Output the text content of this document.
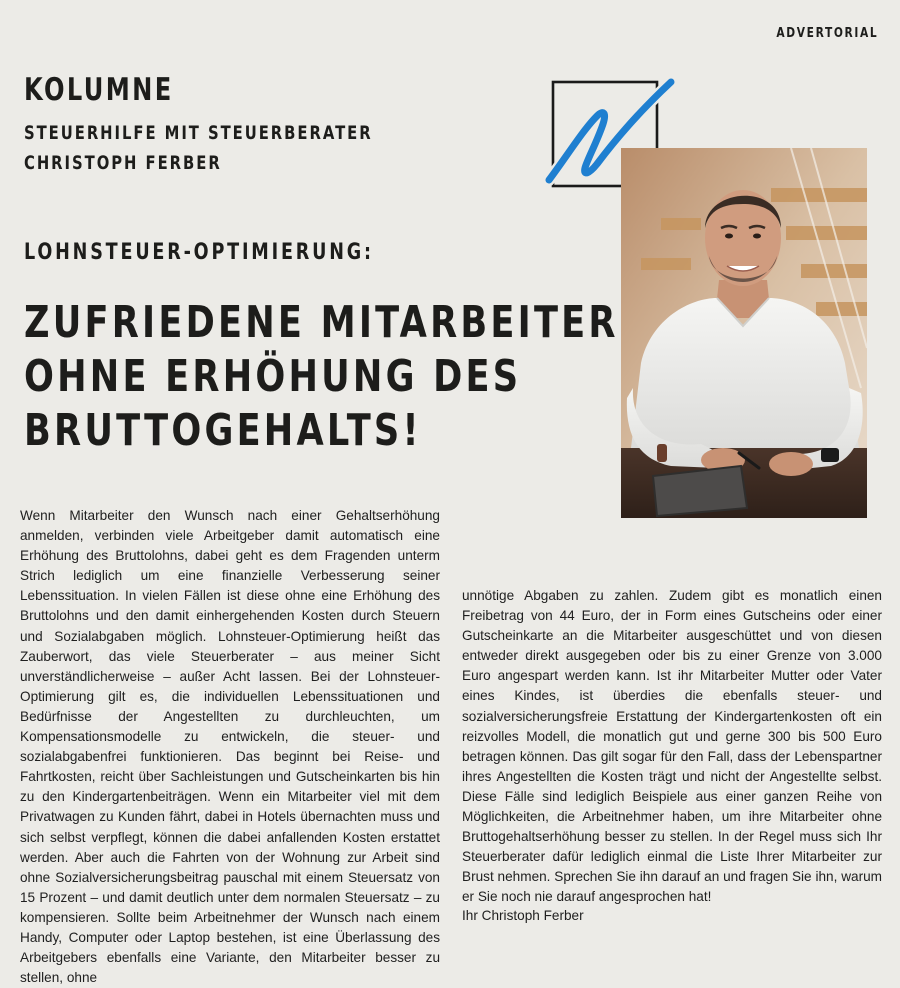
ADVERTORIAL
KOLUMNE
STEUERHILFE MIT STEUERBERATER
CHRISTOPH FERBER
LOHNSTEUER-OPTIMIERUNG:
ZUFRIEDENE MITARBEITER
OHNE ERHÖHUNG DES
BRUTTOGEHALTS!
Wenn Mitarbeiter den Wunsch nach einer Gehaltserhöhung anmelden, verbinden viele Arbeitgeber damit automatisch eine Erhöhung des Bruttolohns, dabei geht es dem Fragenden unterm Strich lediglich um eine finanzielle Verbesserung seiner Lebenssituation. In vielen Fällen ist diese ohne eine Erhöhung des Bruttolohns und den damit einhergehenden Kosten durch Steuern und Sozialabgaben möglich. Lohnsteuer-Optimierung heißt das Zauberwort, das viele Steuerberater – aus meiner Sicht unverständlicherweise – außer Acht lassen. Bei der Lohnsteuer-Optimierung gilt es, die individuellen Lebenssituationen und Bedürfnisse der Angestellten zu durchleuchten, um Kompensationsmodelle zu entwickeln, die steuer- und sozialabgabenfrei funktionieren. Das beginnt bei Reise- und Fahrtkosten, reicht über Sachleistungen und Gutscheinkarten bis hin zu den Kindergartenbeiträgen. Wenn ein Mitarbeiter viel mit dem Privatwagen zu Kunden fährt, dabei in Hotels übernachten muss und sich selbst verpflegt, können die dabei anfallenden Kosten erstattet werden. Aber auch die Fahrten von der Wohnung zur Arbeit sind ohne Sozialversicherungsbeitrag pauschal mit einem Steuersatz von 15 Prozent – und damit deutlich unter dem normalen Steuersatz – zu kompensieren. Sollte beim Arbeitnehmer der Wunsch nach einem Handy, Computer oder Laptop bestehen, ist eine Überlassung des Arbeitgebers ebenfalls eine Variante, den Mitarbeiter besser zu stellen, ohne
unnötige Abgaben zu zahlen. Zudem gibt es monatlich einen Freibetrag von 44 Euro, der in Form eines Gutscheins oder einer Gutscheinkarte an die Mitarbeiter ausgeschüttet und von diesen entweder direkt ausgegeben oder bis zu einer Grenze von 3.000 Euro angespart werden kann. Ist ihr Mitarbeiter Mutter oder Vater eines Kindes, ist überdies die ebenfalls steuer- und sozialversicherungsfreie Erstattung der Kindergartenkosten oft ein reizvolles Modell, die monatlich gut und gerne 300 bis 500 Euro betragen können. Das gilt sogar für den Fall, dass der Lebenspartner ihres Angestellten die Kosten trägt und nicht der Angestellte selbst. Diese Fälle sind lediglich Beispiele aus einer ganzen Reihe von Möglichkeiten, die Arbeitnehmer haben, um ihre Mitarbeiter ohne Bruttogehaltserhöhung besser zu stellen. In der Regel muss sich Ihr Steuerberater dafür lediglich einmal die Liste Ihrer Mitarbeiter zur Brust nehmen. Sprechen Sie ihn darauf an und fragen Sie ihn, warum er Sie noch nie darauf angesprochen hat!
Ihr Christoph Ferber
